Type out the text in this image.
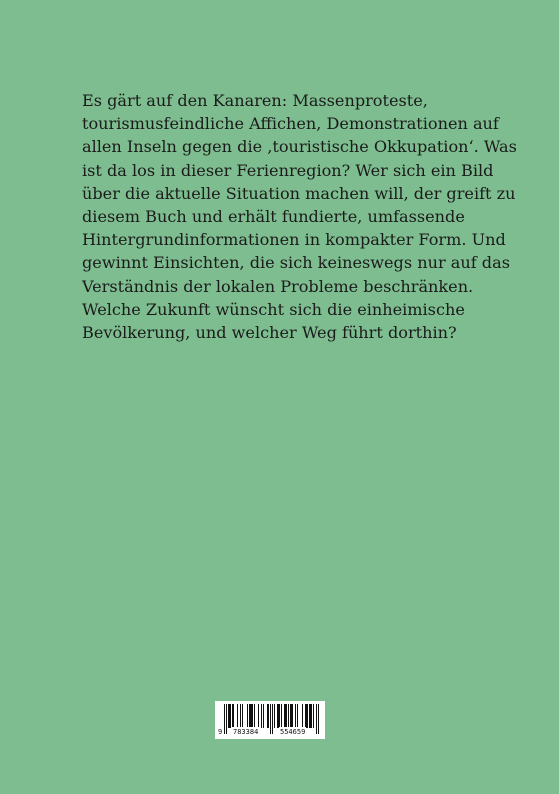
Es gärt auf den Kanaren: Massenproteste,
tourismusfeindliche Affichen, Demonstrationen auf
allen Inseln gegen die ‚touristische Okkupation‘. Was
ist da los in dieser Ferienregion? Wer sich ein Bild
über die aktuelle Situation machen will, der greift zu
diesem Buch und erhält fundierte, umfassende
Hintergrundinformationen in kompakter Form. Und
gewinnt Einsichten, die sich keineswegs nur auf das
Verständnis der lokalen Probleme beschränken.
Welche Zukunft wünscht sich die einheimische
Bevölkerung, und welcher Weg führt dorthin?
9 783384	554659
